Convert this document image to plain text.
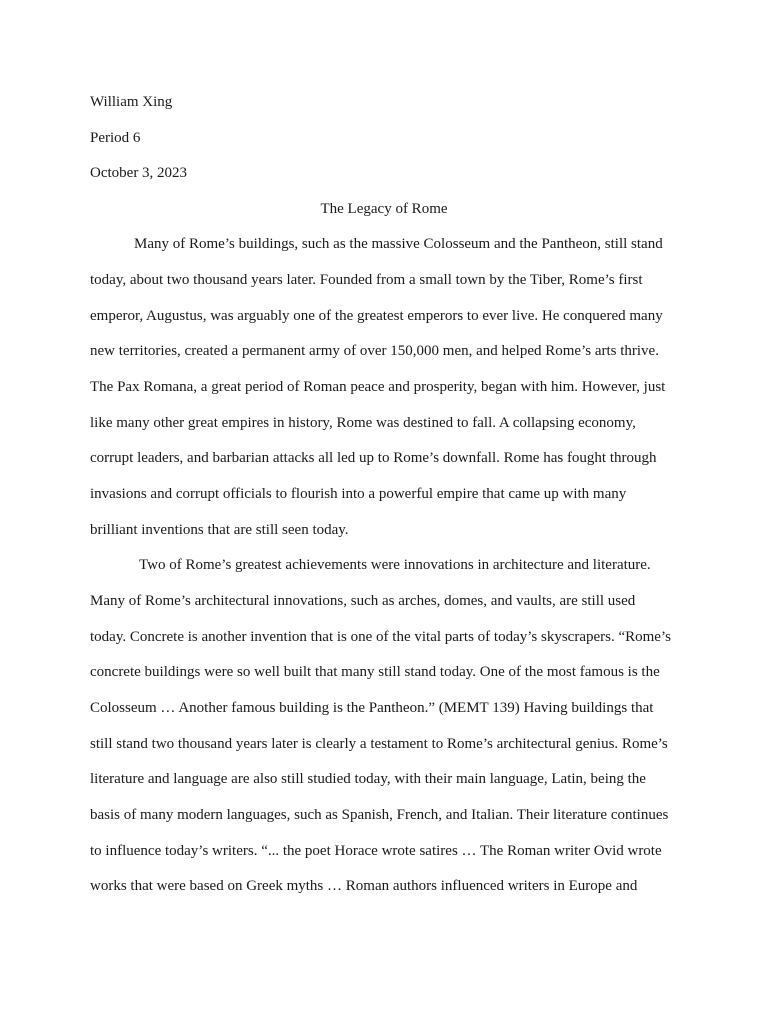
William Xing
Period 6
October 3, 2023
The Legacy of Rome
Many of Rome’s buildings, such as the massive Colosseum and the Pantheon, still stand
today, about two thousand years later. Founded from a small town by the Tiber, Rome’s first
emperor, Augustus, was arguably one of the greatest emperors to ever live. He conquered many
new territories, created a permanent army of over 150,000 men, and helped Rome’s arts thrive.
The Pax Romana, a great period of Roman peace and prosperity, began with him. However, just
like many other great empires in history, Rome was destined to fall. A collapsing economy,
corrupt leaders, and barbarian attacks all led up to Rome’s downfall. Rome has fought through
invasions and corrupt officials to flourish into a powerful empire that came up with many
brilliant inventions that are still seen today.
Two of Rome’s greatest achievements were innovations in architecture and literature.
Many of Rome’s architectural innovations, such as arches, domes, and vaults, are still used
today. Concrete is another invention that is one of the vital parts of today’s skyscrapers. “Rome’s
concrete buildings were so well built that many still stand today. One of the most famous is the
Colosseum … Another famous building is the Pantheon.” (MEMT 139) Having buildings that
still stand two thousand years later is clearly a testament to Rome’s architectural genius. Rome’s
literature and language are also still studied today, with their main language, Latin, being the
basis of many modern languages, such as Spanish, French, and Italian. Their literature continues
to influence today’s writers. “... the poet Horace wrote satires … The Roman writer Ovid wrote
works that were based on Greek myths … Roman authors influenced writers in Europe and
